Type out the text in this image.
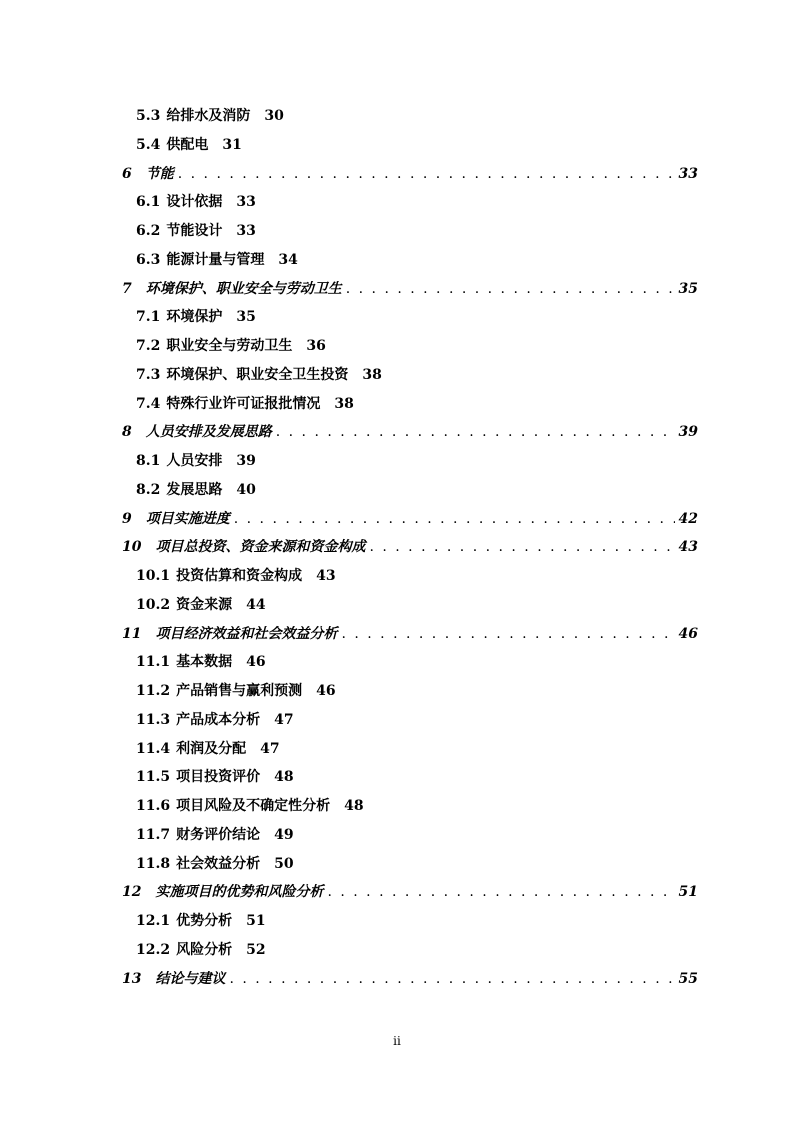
5.3 给排水及消防 30
5.4 供配电 31
6 节能 . . .	33
6.1 设计依据 33
6.2 节能设计 33
6.3 能源计量与管理 34
7 环境保护、职业安全与劳动卫生 . . .	35
7.1 环境保护 35
7.2 职业安全与劳动卫生 36
7.3 环境保护、职业安全卫生投资 38
7.4 特殊行业许可证报批情况 38
8 人员安排及发展思路 . . .	39
8.1 人员安排 39
8.2 发展思路 40
9 项目实施进度 . . .	42
10 项目总投资、资金来源和资金构成 . . .	43
10.1 投资估算和资金构成 43
10.2 资金来源 44
11 项目经济效益和社会效益分析 . . .	46
11.1 基本数据 46
11.2 产品销售与赢利预测 46
11.3 产品成本分析 47
11.4 利润及分配 47
11.5 项目投资评价 48
11.6 项目风险及不确定性分析 48
11.7 财务评价结论 49
11.8 社会效益分析 50
12 实施项目的优势和风险分析 . . .	51
12.1 优势分析 51
12.2 风险分析 52
13 结论与建议 . . .	55
ii
